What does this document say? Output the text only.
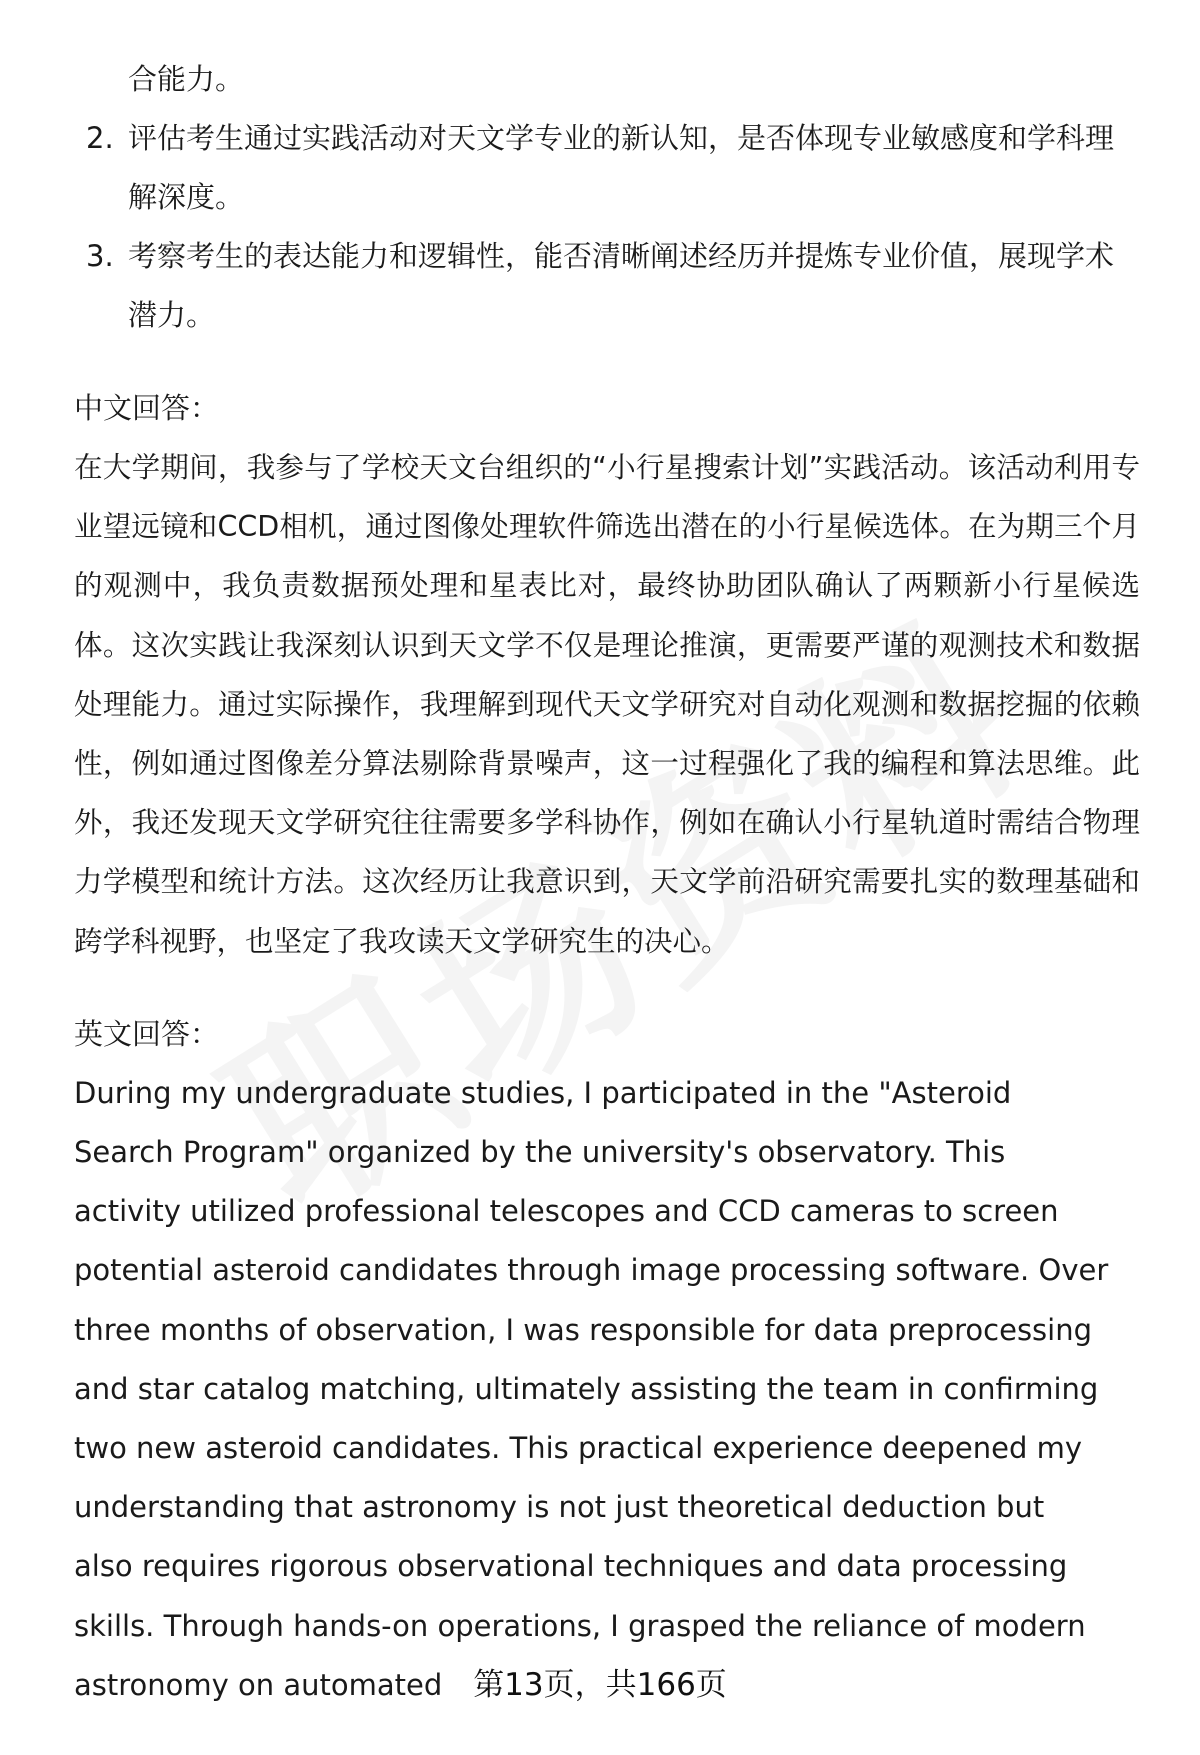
合能力。
2. 评估考生通过实践活动对天文学专业的新认知，是否体现专业敏感度和学科理解深度。
3. 考察考生的表达能力和逻辑性，能否清晰阐述经历并提炼专业价值，展现学术潜力。
中文回答：

在大学期间，我参与了学校天文台组织的“小行星搜索计划”实践活动。该活动利用专业望远镜和CCD相机，通过图像处理软件筛选出潜在的小行星候选体。在为期三个月的观测中，我负责数据预处理和星表比对，最终协助团队确认了两颗新小行星候选体。这次实践让我深刻认识到天文学不仅是理论推演，更需要严谨的观测技术和数据处理能力。通过实际操作，我理解到现代天文学研究对自动化观测和数据挖掘的依赖性，例如通过图像差分算法剔除背景噪声，这一过程强化了我的编程和算法思维。此外，我还发现天文学研究往往需要多学科协作，例如在确认小行星轨道时需结合物理力学模型和统计方法。这次经历让我意识到，天文学前沿研究需要扎实的数理基础和跨学科视野，也坚定了我攻读天文学研究生的决心。

英文回答：

During my undergraduate studies, I participated in the "Asteroid Search Program" organized by the university's observatory. This activity utilized professional telescopes and CCD cameras to screen potential asteroid candidates through image processing software. Over three months of observation, I was responsible for data preprocessing and star catalog matching, ultimately assisting the team in confirming two new asteroid candidates. This practical experience deepened my understanding that astronomy is not just theoretical deduction but also requires rigorous observational techniques and data processing skills. Through hands-on operations, I grasped the reliance of modern astronomy on automated 第13页，共166页
